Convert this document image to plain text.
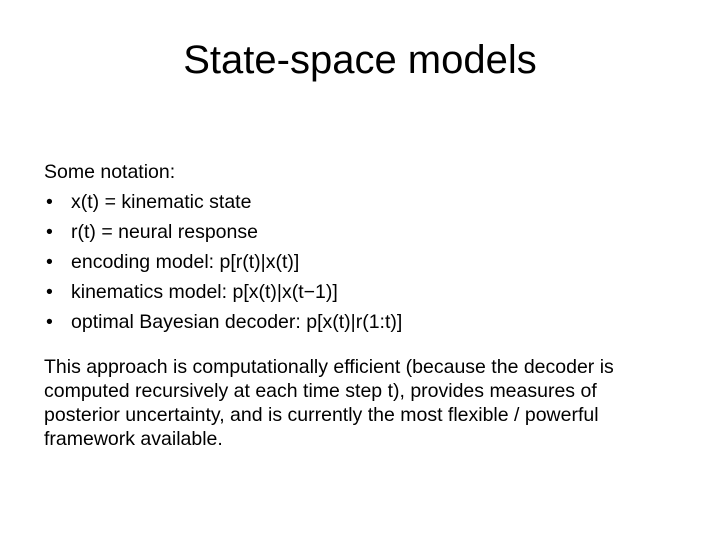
State-space models

Some notation:

• x(t) = kinematic state
• r(t) = neural response
• encoding model: p[r(t)|x(t)]
• kinematics model: p[x(t)|x(t−1)]
• optimal Bayesian decoder: p[x(t)|r(1:t)]

This approach is computationally efficient (because the decoder is computed recursively at each time step t), provides measures of posterior uncertainty, and is currently the most flexible / powerful framework available.
